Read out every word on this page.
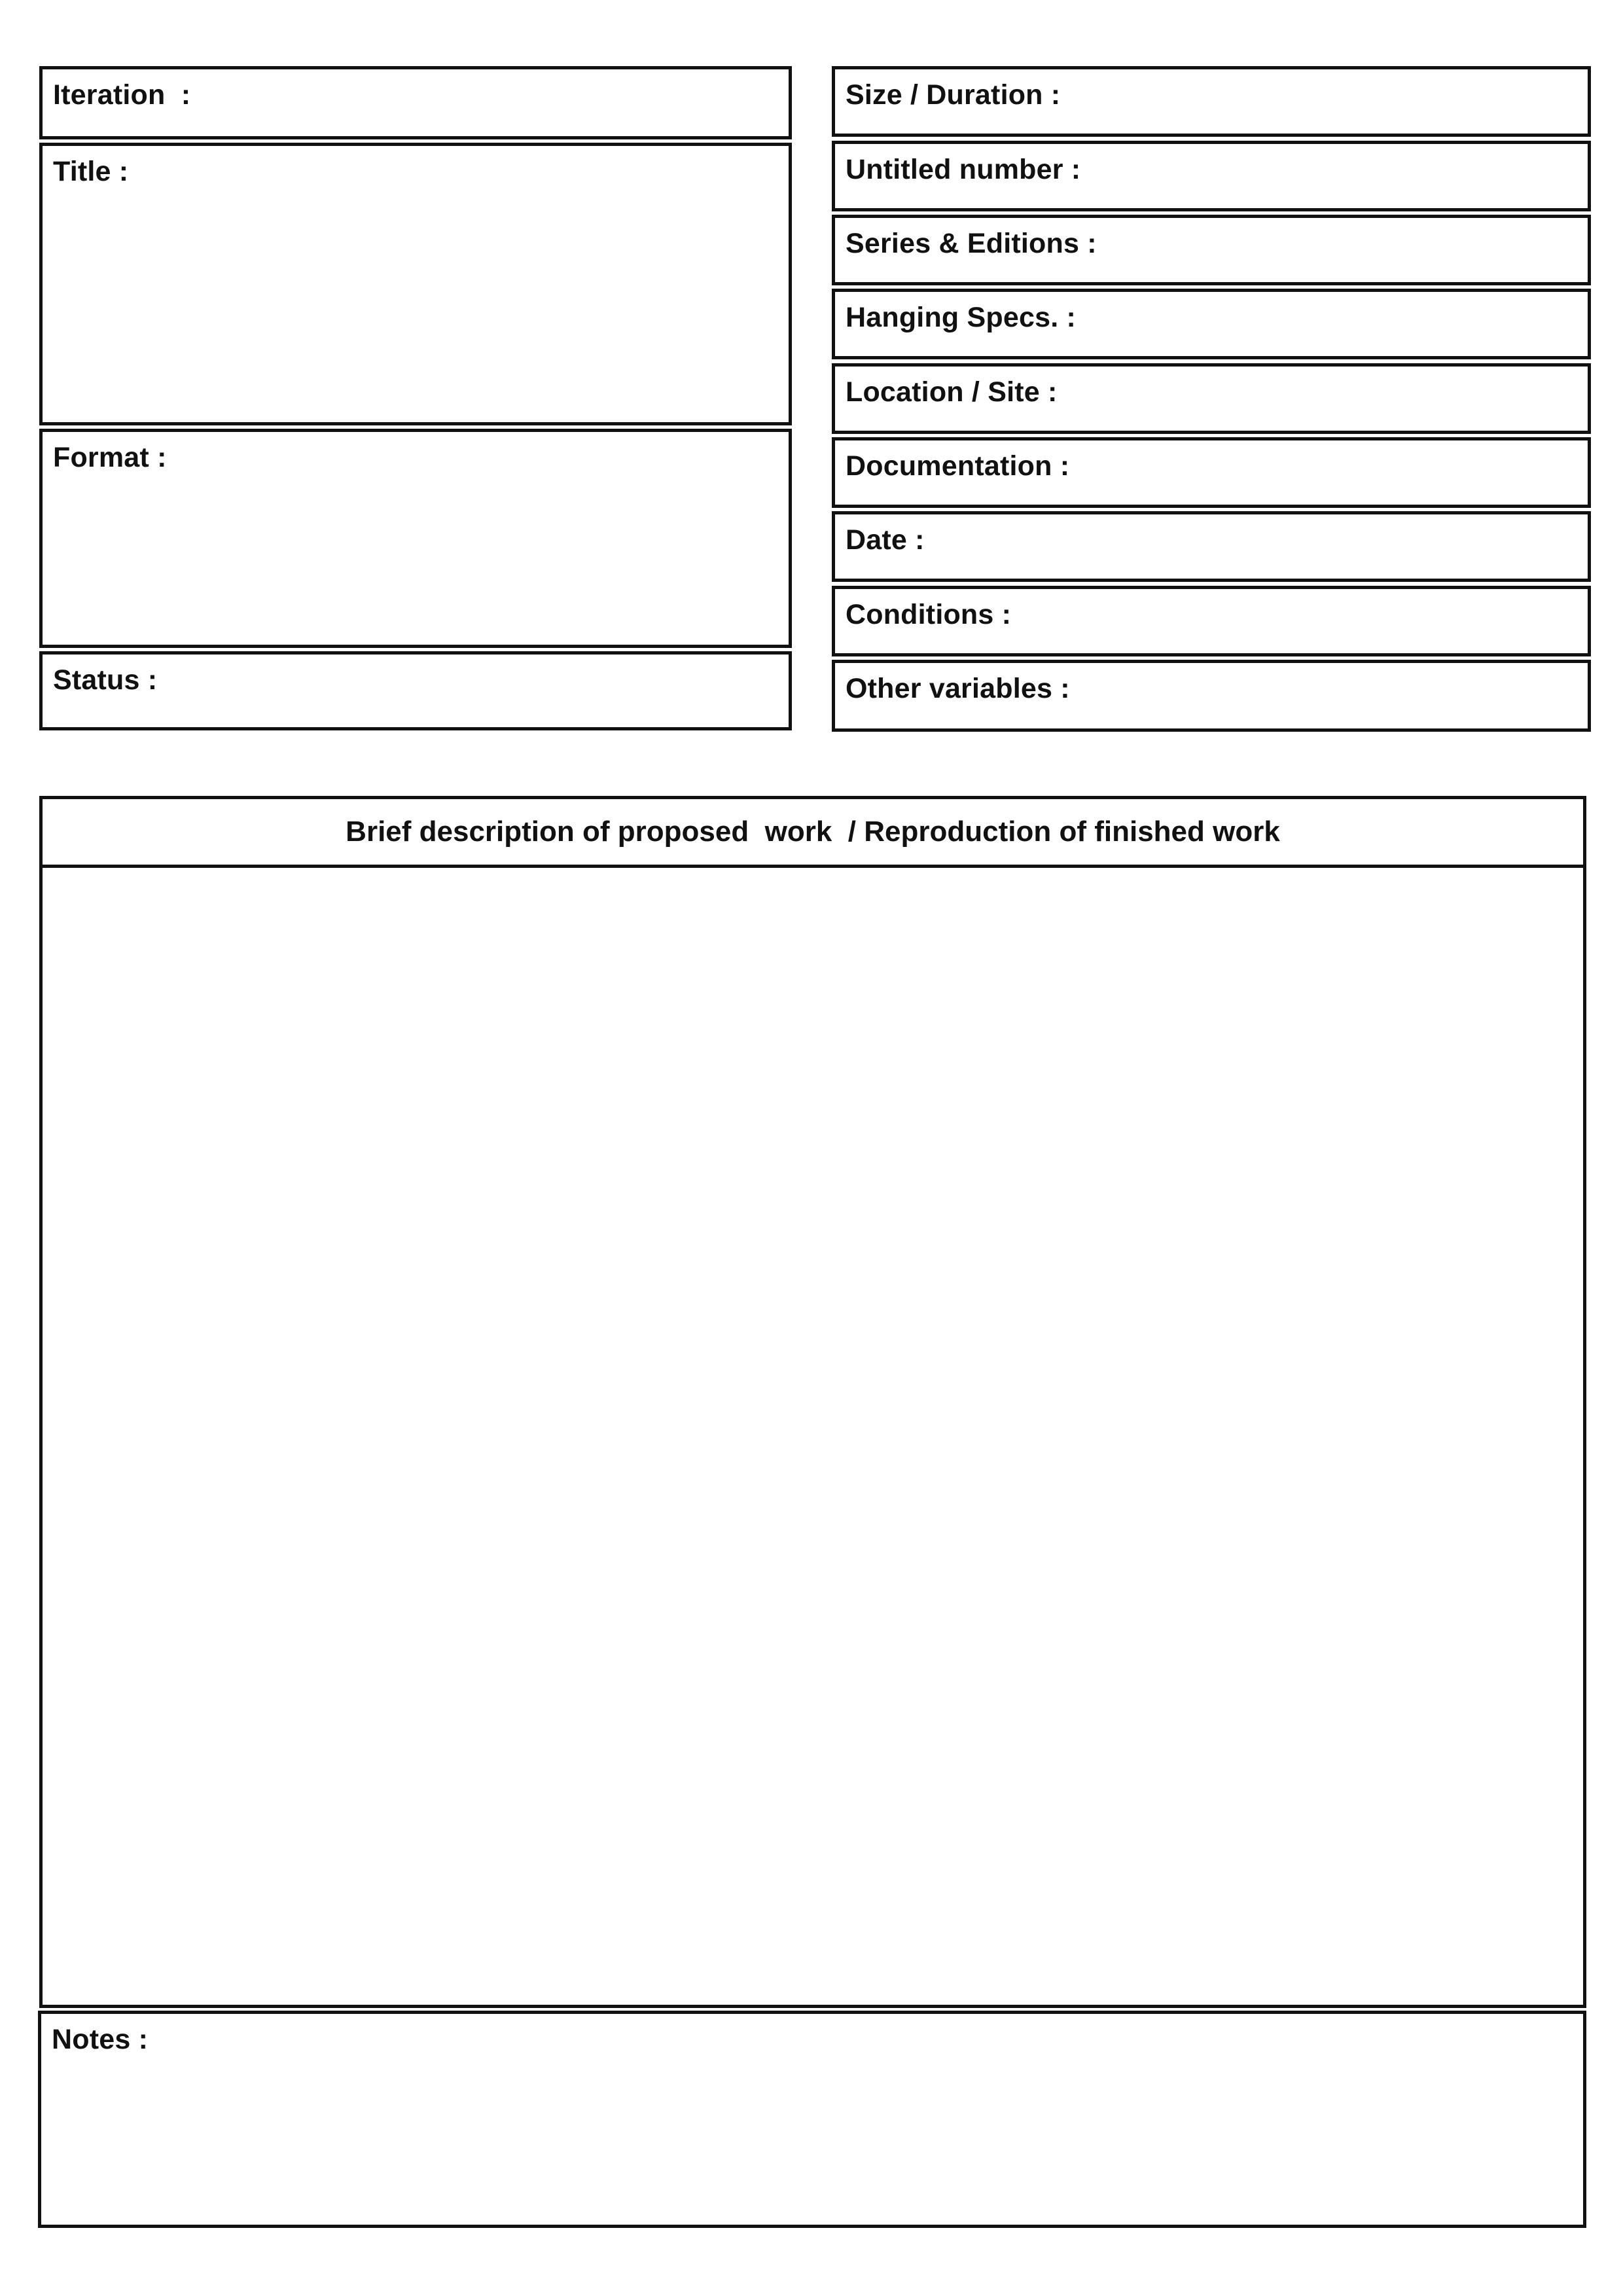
Iteration  :
Title :
Format :
Status :
Size / Duration :
Untitled number :
Series & Editions :
Hanging Specs. :
Location / Site :
Documentation :
Date :
Conditions :
Other variables :
Brief description of proposed  work  / Reproduction of finished work
Notes :
